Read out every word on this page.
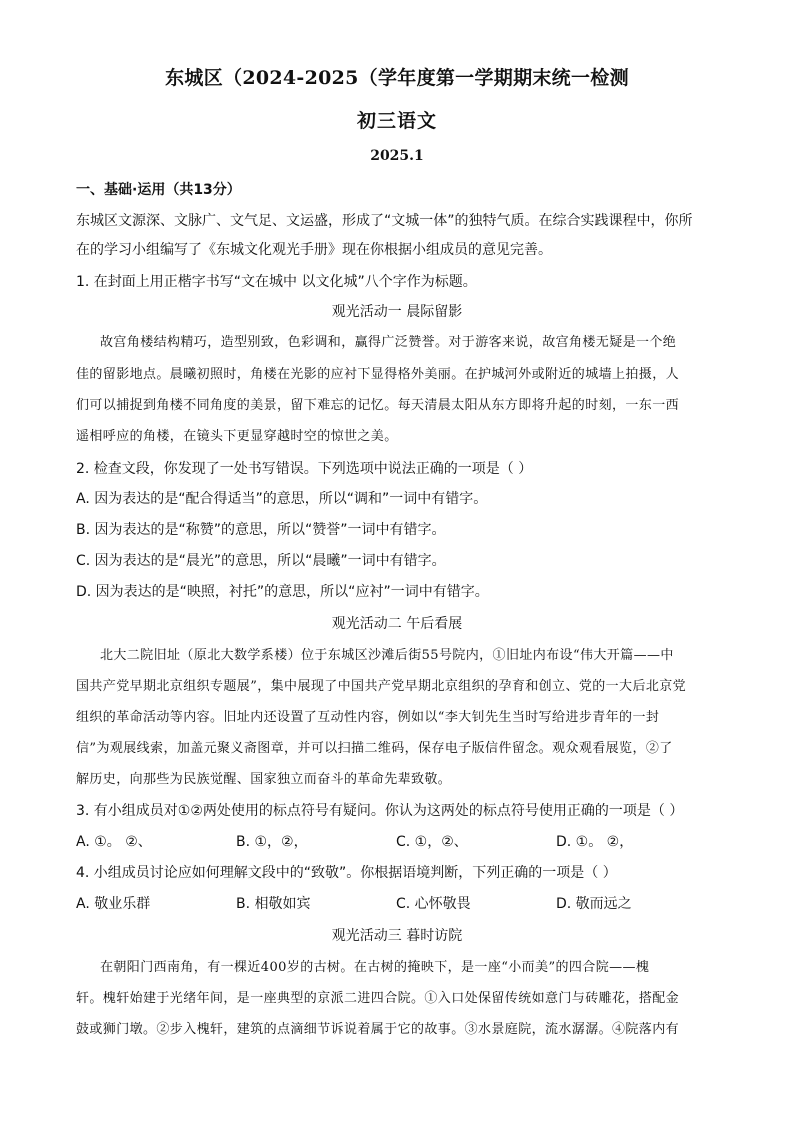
东城区（2024-2025（学年度第一学期期末统一检测
初三语文
2025.1
一、基础·运用（共13分）
东城区文源深、文脉广、文气足、文运盛，形成了“文城一体”的独特气质。在综合实践课程中，你所
在的学习小组编写了《东城文化观光手册》现在你根据小组成员的意见完善。
1. 在封面上用正楷字书写“文在城中 以文化城”八个字作为标题。
观光活动一 晨际留影
故宫角楼结构精巧，造型别致，色彩调和，赢得广泛赞誉。对于游客来说，故宫角楼无疑是一个绝
佳的留影地点。晨曦初照时，角楼在光影的应衬下显得格外美丽。在护城河外或附近的城墙上拍摄，人
们可以捕捉到角楼不同角度的美景，留下难忘的记忆。每天清晨太阳从东方即将升起的时刻，一东一西
遥相呼应的角楼，在镜头下更显穿越时空的惊世之美。
2. 检查文段，你发现了一处书写错误。下列选项中说法正确的一项是（ ）
A. 因为表达的是“配合得适当”的意思，所以“调和”一词中有错字。
B. 因为表达的是“称赞”的意思，所以“赞誉”一词中有错字。
C. 因为表达的是“晨光”的意思，所以“晨曦”一词中有错字。
D. 因为表达的是“映照，衬托”的意思，所以“应衬”一词中有错字。
观光活动二 午后看展
北大二院旧址（原北大数学系楼）位于东城区沙滩后街55号院内，①旧址内布设“伟大开篇——中
国共产党早期北京组织专题展”，集中展现了中国共产党早期北京组织的孕育和创立、党的一大后北京党
组织的革命活动等内容。旧址内还设置了互动性内容，例如以“李大钊先生当时写给进步青年的一封
信”为观展线索，加盖元聚义斋图章，并可以扫描二维码，保存电子版信件留念。观众观看展览，②了
解历史，向那些为民族觉醒、国家独立而奋斗的革命先辈致敬。
3. 有小组成员对①②两处使用的标点符号有疑问。你认为这两处的标点符号使用正确的一项是（ ）
A. ①。 ②、	B. ①，②，	C. ①，②、	D. ①。 ②，
4. 小组成员讨论应如何理解文段中的“致敬”。你根据语境判断，下列正确的一项是（ ）
A. 敬业乐群	B. 相敬如宾	C. 心怀敬畏	D. 敬而远之
观光活动三 暮时访院
在朝阳门西南角，有一棵近400岁的古树。在古树的掩映下，是一座“小而美”的四合院——槐
轩。槐轩始建于光绪年间，是一座典型的京派二进四合院。①入口处保留传统如意门与砖雕花，搭配金
鼓或狮门墩。②步入槐轩，建筑的点滴细节诉说着属于它的故事。③水景庭院，流水潺潺。④院落内有
